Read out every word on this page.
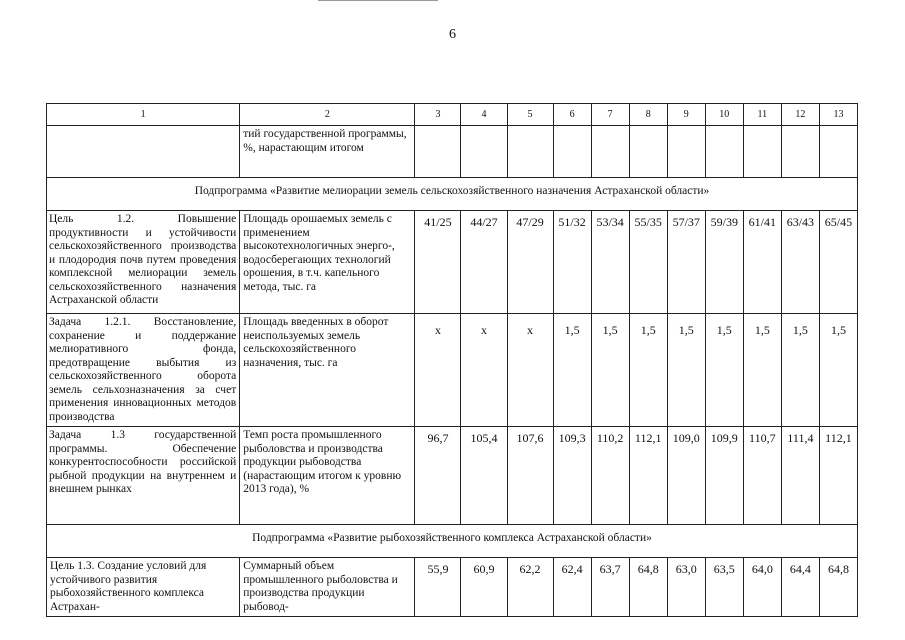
6
1	2	3	4	5	6	7	8	9	10	11	12	13
	тий государственной программы, %, нарастающим итогом											
Подпрограмма «Развитие мелиорации земель сельскохозяйственного назначения Астраханской области»												
Цель 1.2. Повышение продуктивности и устойчивости сельскохозяйственного производства и плодородия почв путем проведения комплексной мелиорации земель сельскохозяйственного назначения Астраханской области	Площадь орошаемых земель с применением высокотехнологичных энерго-, водосберегающих технологий орошения, в т.ч. капельного метода, тыс. га	41/25	44/27	47/29	51/32	53/34	55/35	57/37	59/39	61/41	63/43	65/45
Задача 1.2.1. Восстановление, сохранение и поддержание мелиоративного фонда, предотвращение выбытия из сельскохозяйственного оборота земель сельхозназначения за счет применения инновационных методов производства	Площадь введенных в оборот неиспользуемых земель сельскохозяйственного назначения, тыс. га	x	x	x	1,5	1,5	1,5	1,5	1,5	1,5	1,5	1,5
Задача 1.3 государственной программы. Обеспечение конкурентоспособности российской рыбной продукции на внутреннем и внешнем рынках	Темп роста промышленного рыболовства и производства продукции рыбоводства (нарастающим итогом к уровню 2013 года), %	96,7	105,4	107,6	109,3	110,2	112,1	109,0	109,9	110,7	111,4	112,1
Подпрограмма «Развитие рыбохозяйственного комплекса Астраханской области»												
Цель 1.3. Создание условий для устойчивого развития рыбохозяйственного комплекса Астрахан-	Суммарный объем промышленного рыболовства и производства продукции рыбовод-	55,9	60,9	62,2	62,4	63,7	64,8	63,0	63,5	64,0	64,4	64,8
